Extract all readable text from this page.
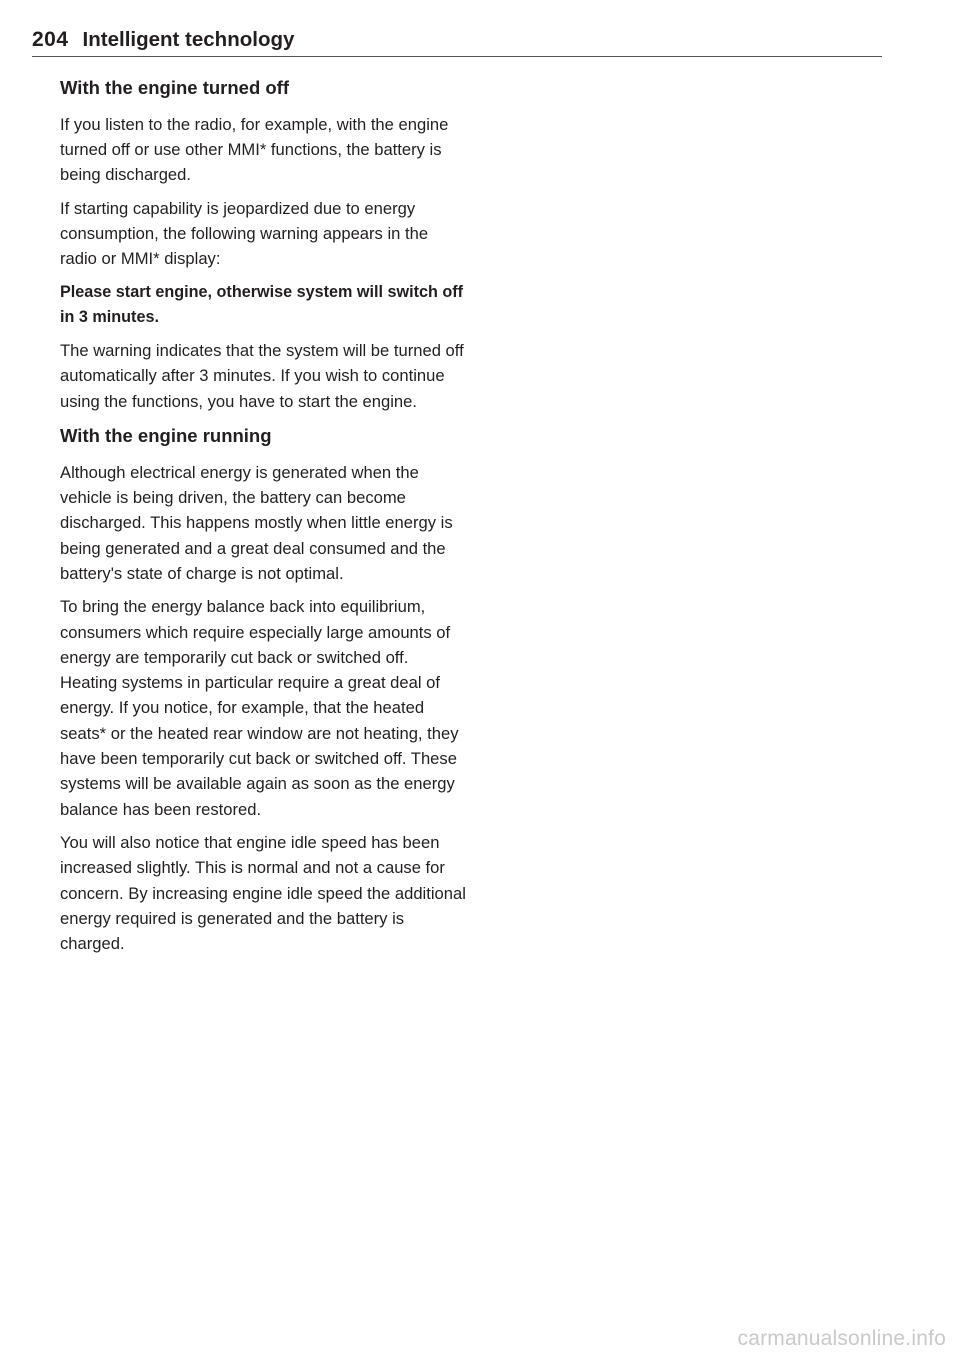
204 Intelligent technology
With the engine turned off

If you listen to the radio, for example, with the engine turned off or use other MMI* functions, the battery is being discharged.

If starting capability is jeopardized due to energy consumption, the following warning appears in the radio or MMI* display:

Please start engine, otherwise system will switch off in 3 minutes.

The warning indicates that the system will be turned off automatically after 3 minutes. If you wish to continue using the functions, you have to start the engine.

With the engine running

Although electrical energy is generated when the vehicle is being driven, the battery can become discharged. This happens mostly when little energy is being generated and a great deal consumed and the battery's state of charge is not optimal.

To bring the energy balance back into equilibrium, consumers which require especially large amounts of energy are temporarily cut back or switched off. Heating systems in particular require a great deal of energy. If you notice, for example, that the heated seats* or the heated rear window are not heating, they have been temporarily cut back or switched off. These systems will be available again as soon as the energy balance has been restored.

You will also notice that engine idle speed has been increased slightly. This is normal and not a cause for concern. By increasing engine idle speed the additional energy required is generated and the battery is charged.

carmanualsonline.info
